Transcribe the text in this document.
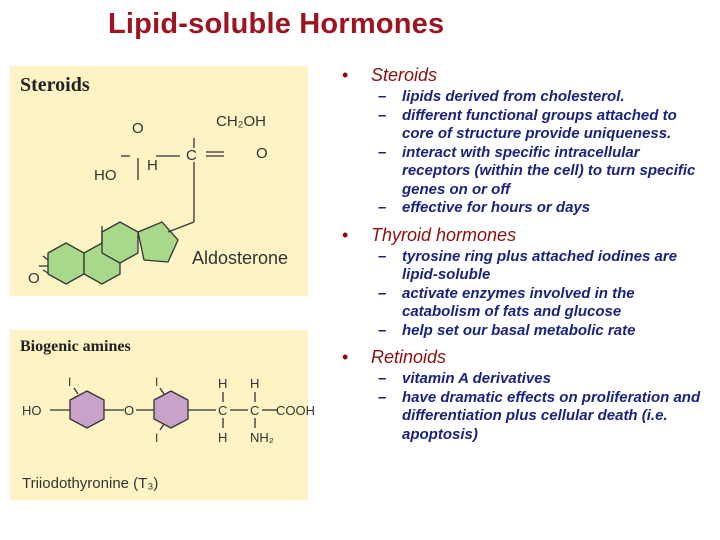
Lipid-soluble Hormones
Steroids
O	CH₂OH
H
C	O
HO
O
Aldosterone
Biogenic amines
HO	O
I	I
I
H
C
H
H
C
NH₂
COOH
Triiodothyronine (T₃)
• Steroids
– lipids derived from cholesterol.
– different functional groups attached to core of structure provide uniqueness.
– interact with specific intracellular receptors (within the cell) to turn specific genes on or off
– effective for hours or days
• Thyroid hormones
– tyrosine ring plus attached iodines are lipid-soluble
– activate enzymes involved in the catabolism of fats and glucose
– help set our basal metabolic rate
• Retinoids
– vitamin A derivatives
– have dramatic effects on proliferation and differentiation plus cellular death (i.e. apoptosis)
